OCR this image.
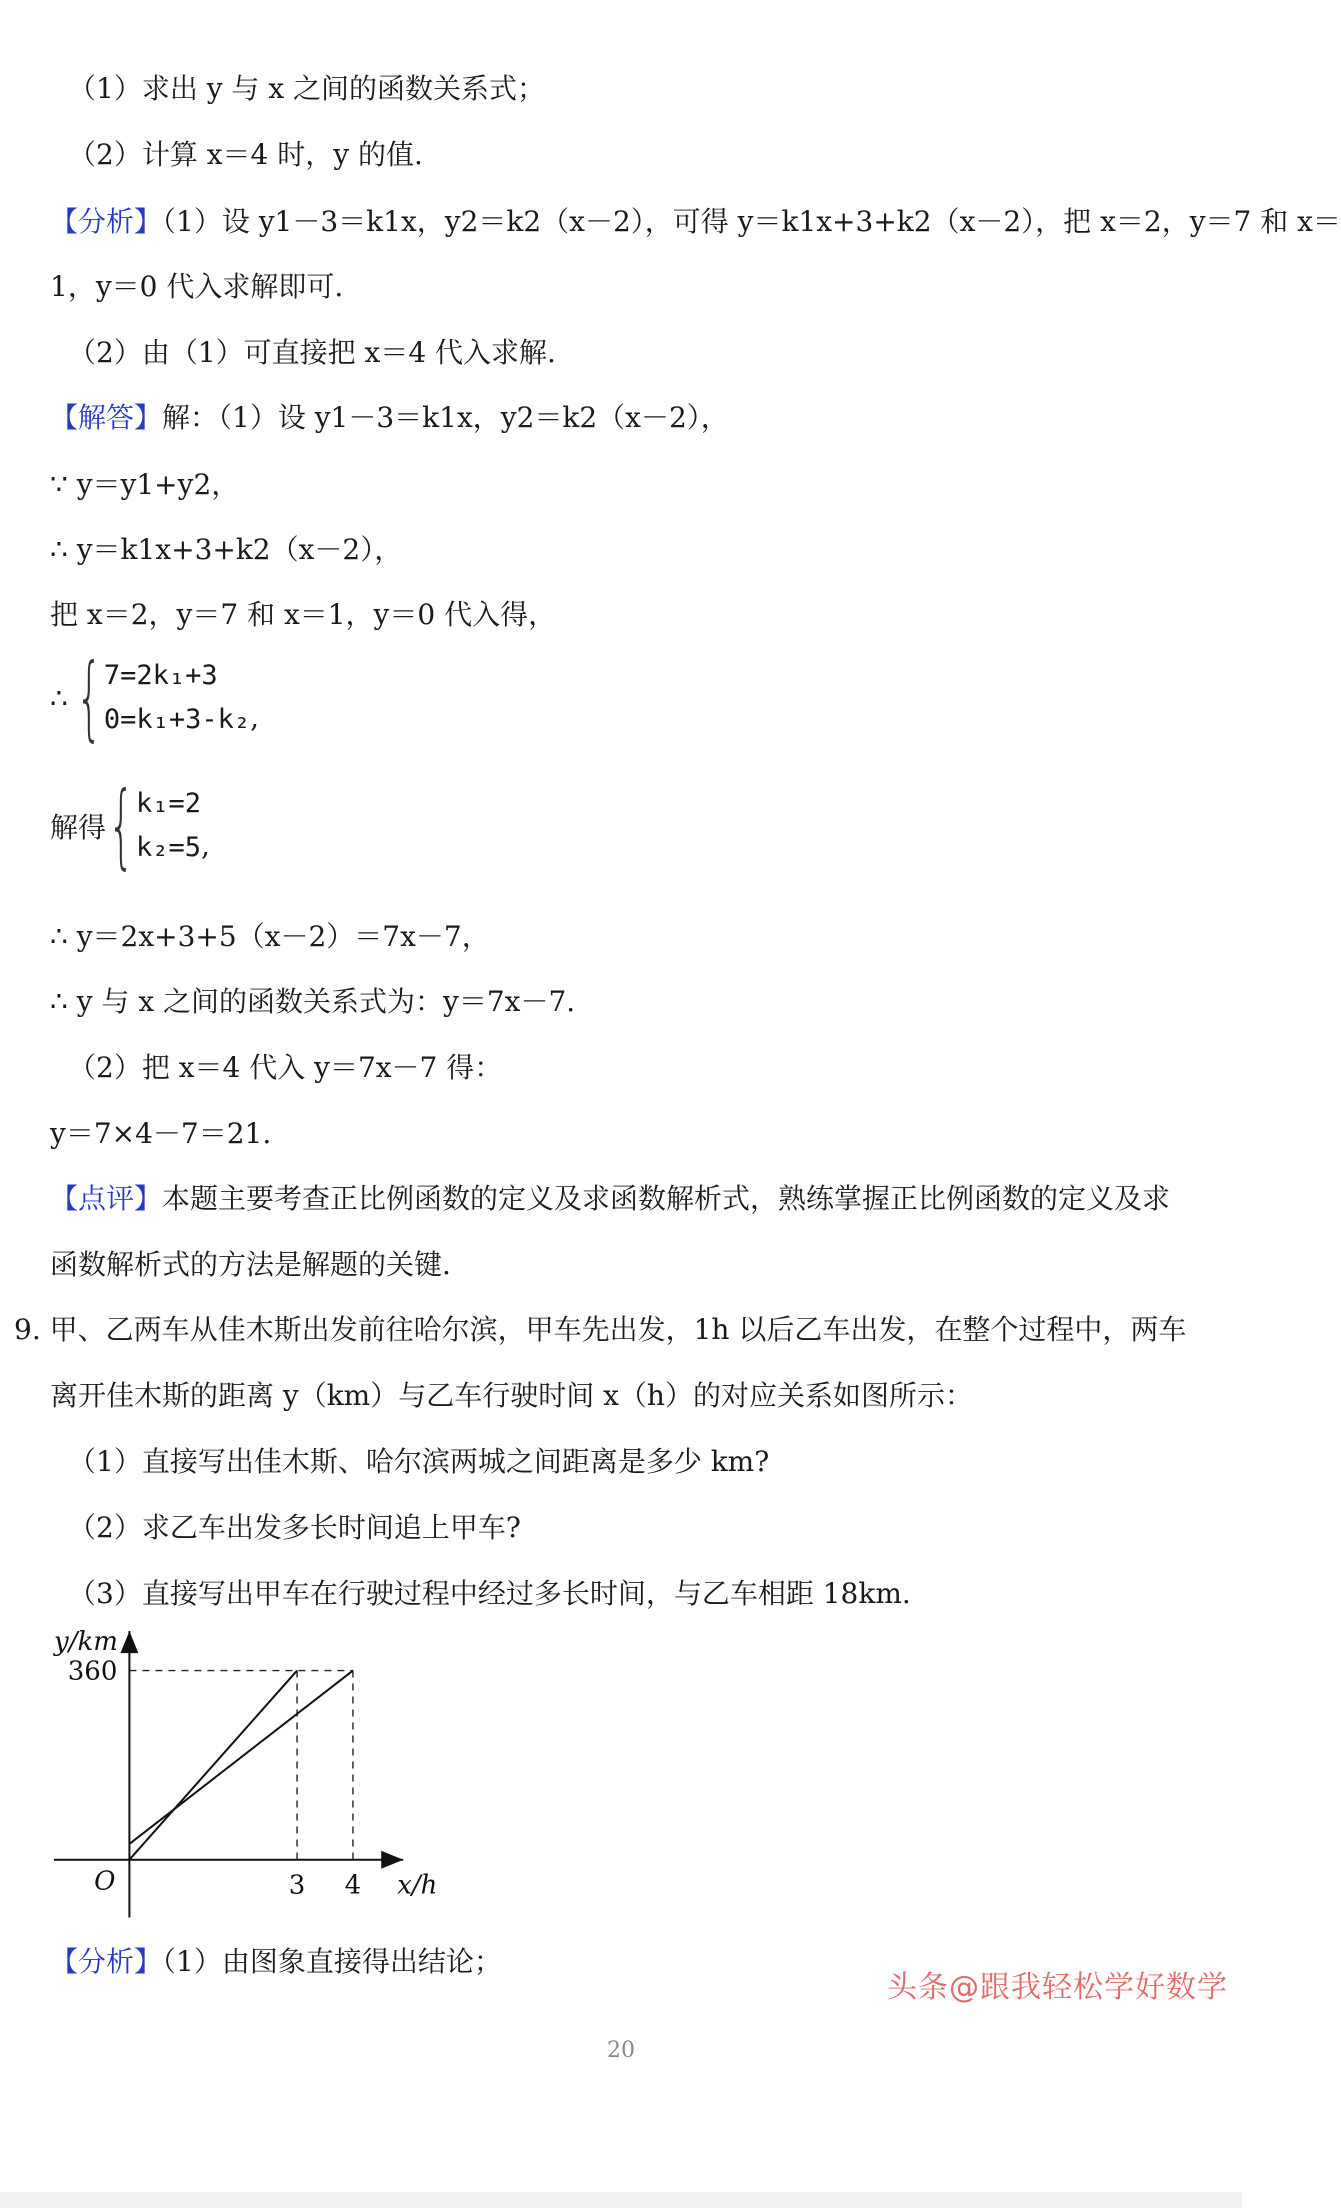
（1）求出 y 与 x 之间的函数关系式；
（2）计算 x＝4 时，y 的值.
【分析】（1）设 y1－3＝k1x，y2＝k2（x－2），可得 y＝k1x+3+k2（x－2），把 x＝2，y＝7 和 x＝
1，y＝0 代入求解即可.
（2）由（1）可直接把 x＝4 代入求解.
【解答】解：（1）设 y1－3＝k1x，y2＝k2（x－2），
∵ y＝y1+y2，
∴ y＝k1x+3+k2（x－2），
把 x＝2，y＝7 和 x＝1，y＝0 代入得，
∴ { 7=2k₁+3
0=k₁+3-k₂ ,
解得 { k₁=2
k₂=5 ,
∴ y＝2x+3+5（x－2）＝7x－7，
∴ y 与 x 之间的函数关系式为：y＝7x－7.
（2）把 x＝4 代入 y＝7x－7 得：
y＝7×4－7＝21.
【点评】本题主要考查正比例函数的定义及求函数解析式，熟练掌握正比例函数的定义及求
函数解析式的方法是解题的关键.
9. 甲、乙两车从佳木斯出发前往哈尔滨，甲车先出发，1h 以后乙车出发，在整个过程中，两车
离开佳木斯的距离 y（km）与乙车行驶时间 x（h）的对应关系如图所示：
（1）直接写出佳木斯、哈尔滨两城之间距离是多少 km?
（2）求乙车出发多长时间追上甲车?
（3）直接写出甲车在行驶过程中经过多长时间，与乙车相距 18km.
360
3 4
O	x/h
y/km
【分析】（1）由图象直接得出结论；
头条@跟我轻松学好数学
20
